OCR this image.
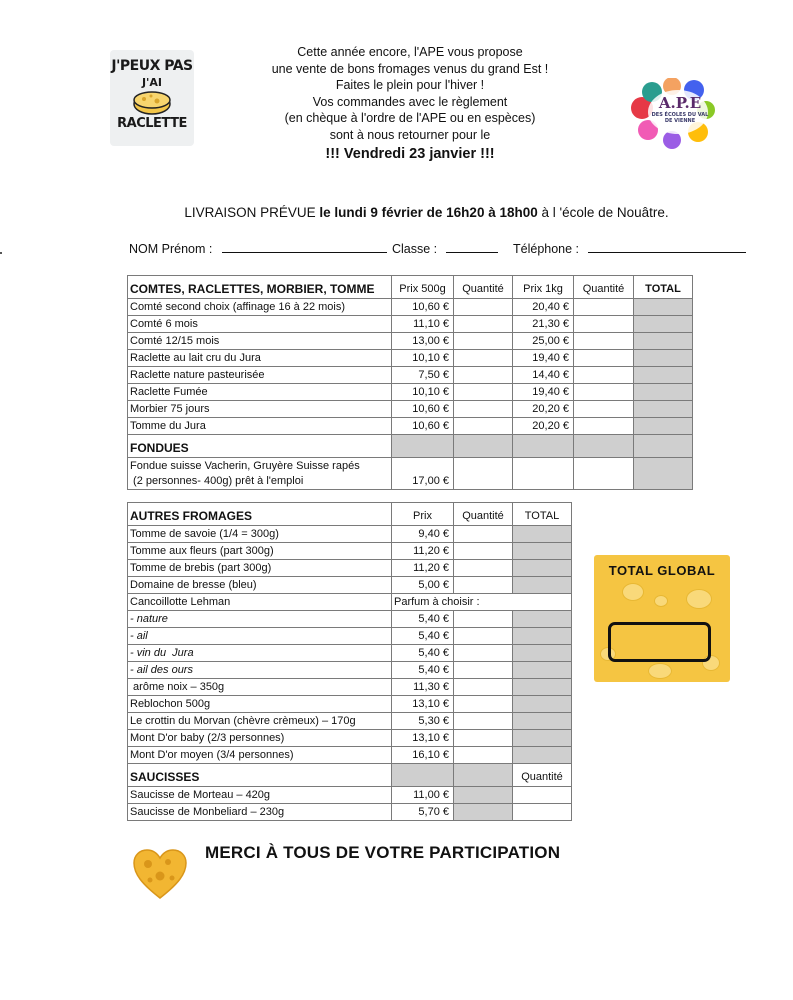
J'PEUX PAS
J'AI
RACLETTE
A.P.E
DES ÉCOLES DU VAL DE VIENNE
Cette année encore, l'APE vous propose
une vente de bons fromages venus du grand Est !
Faites le plein pour l'hiver !
Vos commandes avec le règlement
(en chèque à l'ordre de l'APE ou en espèces)
sont à nous retourner pour le
!!! Vendredi 23 janvier !!!
LIVRAISON PRÉVUE le lundi 9 février de 16h20 à 18h00 à l 'école de Nouâtre.
NOM Prénom :	Classe :	Téléphone :
COMTES, RACLETTES, MORBIER, TOMME	Prix 500g	Quantité	Prix 1kg	Quantité	TOTAL
Comté second choix (affinage 16 à 22 mois)	10,60 €		20,40 €		
Comté 6 mois	11,10 €		21,30 €		
Comté 12/15 mois	13,00 €		25,00 €		
Raclette au lait cru du Jura	10,10 €		19,40 €		
Raclette nature pasteurisée	7,50 €		14,40 €		
Raclette Fumée	10,10 €		19,40 €		
Morbier 75 jours	10,60 €		20,20 €		
Tomme du Jura	10,60 €		20,20 €		
FONDUES					

Fondue suisse Vacherin, Gruyère Suisse rapés
(2 personnes- 400g) prêt à l'emploi	17,00 €				
AUTRES FROMAGES	Prix	Quantité	TOTAL
Tomme de savoie (1/4 = 300g)	9,40 €		
Tomme aux fleurs (part 300g)	11,20 €		
Tomme de brebis (part 300g)	11,20 €		
Domaine de bresse (bleu)	5,00 €		
Cancoillotte Lehman	Parfum à choisir :		
- nature	5,40 €		
- ail	5,40 €		
- vin du  Jura	5,40 €		
- ail des ours	5,40 €		
arôme noix – 350g	11,30 €		
Reblochon 500g	13,10 €		
Le crottin du Morvan (chèvre crèmeux) – 170g	5,30 €		
Mont D'or baby (2/3 personnes)	13,10 €		
Mont D'or moyen (3/4 personnes)	16,10 €		
SAUCISSES			Quantité
Saucisse de Morteau – 420g	11,00 €		
Saucisse de Monbeliard – 230g	5,70 €		
TOTAL GLOBAL
MERCI À TOUS DE VOTRE PARTICIPATION
